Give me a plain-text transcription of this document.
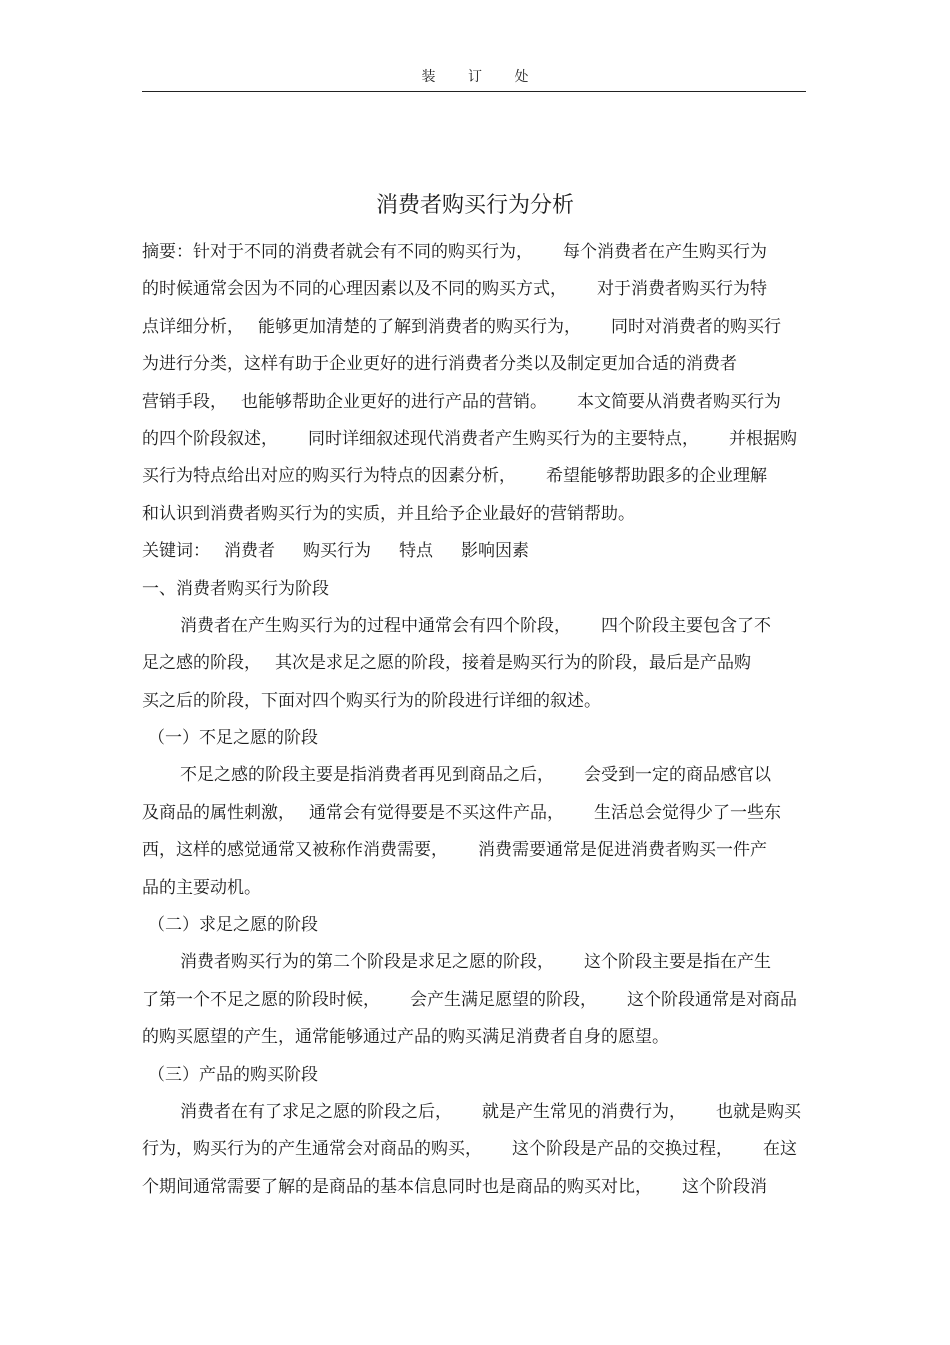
装 订 处
消费者购买行为分析
摘要：针对于不同的消费者就会有不同的购买行为， 每个消费者在产生购买行为
的时候通常会因为不同的心理因素以及不同的购买方式， 对于消费者购买行为特
点详细分析， 能够更加清楚的了解到消费者的购买行为， 同时对消费者的购买行
为进行分类，这样有助于企业更好的进行消费者分类以及制定更加合适的消费者
营销手段， 也能够帮助企业更好的进行产品的营销。 本文简要从消费者购买行为
的四个阶段叙述， 同时详细叙述现代消费者产生购买行为的主要特点， 并根据购
买行为特点给出对应的购买行为特点的因素分析， 希望能够帮助跟多的企业理解
和认识到消费者购买行为的实质，并且给予企业最好的营销帮助。
关键词： 消费者 购买行为 特点 影响因素
一、消费者购买行为阶段
消费者在产生购买行为的过程中通常会有四个阶段， 四个阶段主要包含了不
足之感的阶段， 其次是求足之愿的阶段，接着是购买行为的阶段，最后是产品购
买之后的阶段，下面对四个购买行为的阶段进行详细的叙述。
（一）不足之愿的阶段
不足之感的阶段主要是指消费者再见到商品之后， 会受到一定的商品感官以
及商品的属性刺激， 通常会有觉得要是不买这件产品， 生活总会觉得少了一些东
西，这样的感觉通常又被称作消费需要， 消费需要通常是促进消费者购买一件产
品的主要动机。
（二）求足之愿的阶段
消费者购买行为的第二个阶段是求足之愿的阶段， 这个阶段主要是指在产生
了第一个不足之愿的阶段时候， 会产生满足愿望的阶段， 这个阶段通常是对商品
的购买愿望的产生，通常能够通过产品的购买满足消费者自身的愿望。
（三）产品的购买阶段
消费者在有了求足之愿的阶段之后， 就是产生常见的消费行为， 也就是购买
行为，购买行为的产生通常会对商品的购买， 这个阶段是产品的交换过程， 在这
个期间通常需要了解的是商品的基本信息同时也是商品的购买对比， 这个阶段消
